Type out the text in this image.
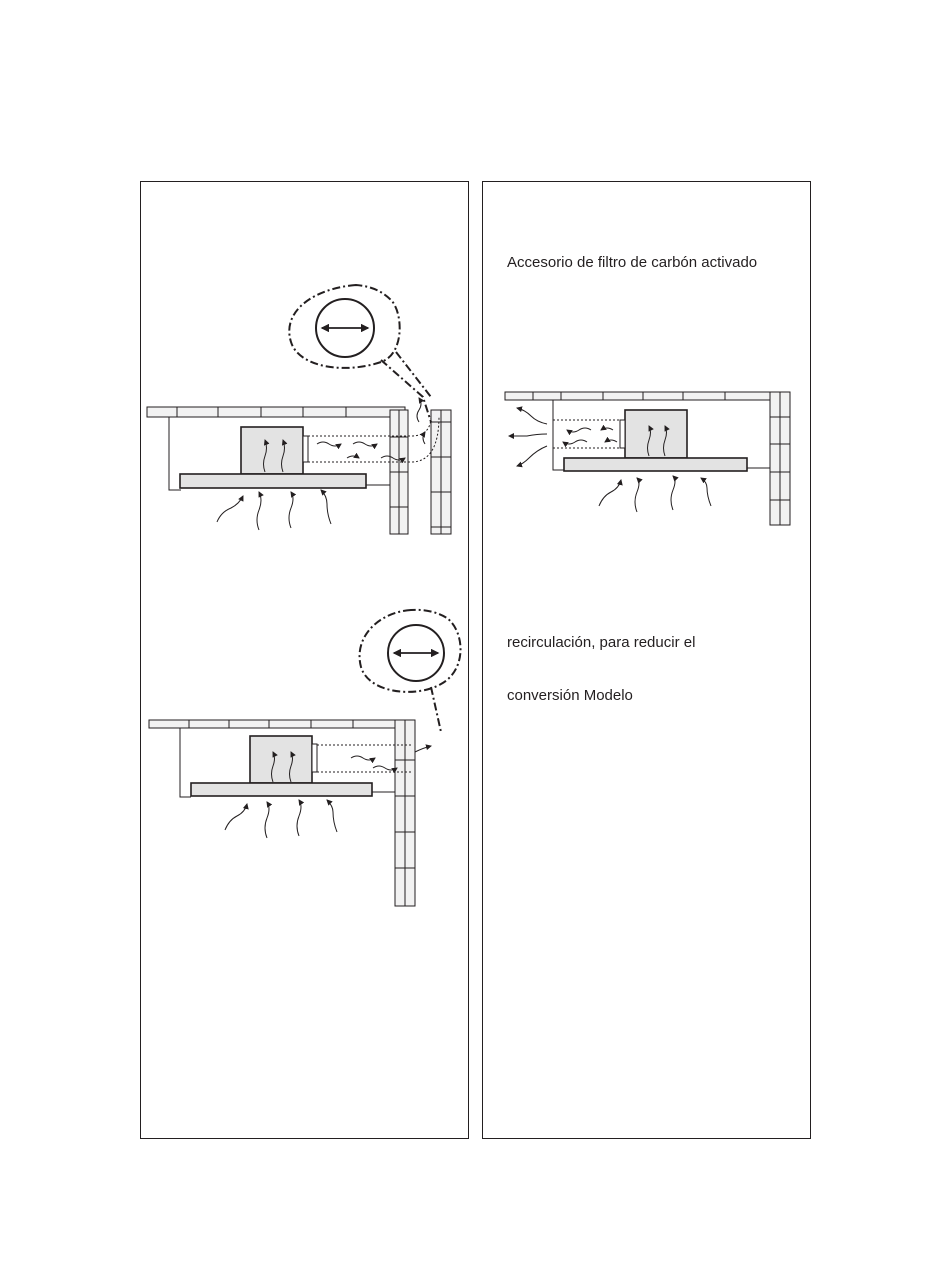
Accesorio de filtro de carbón activado

recirculación, para reducir el

conversión Modelo
